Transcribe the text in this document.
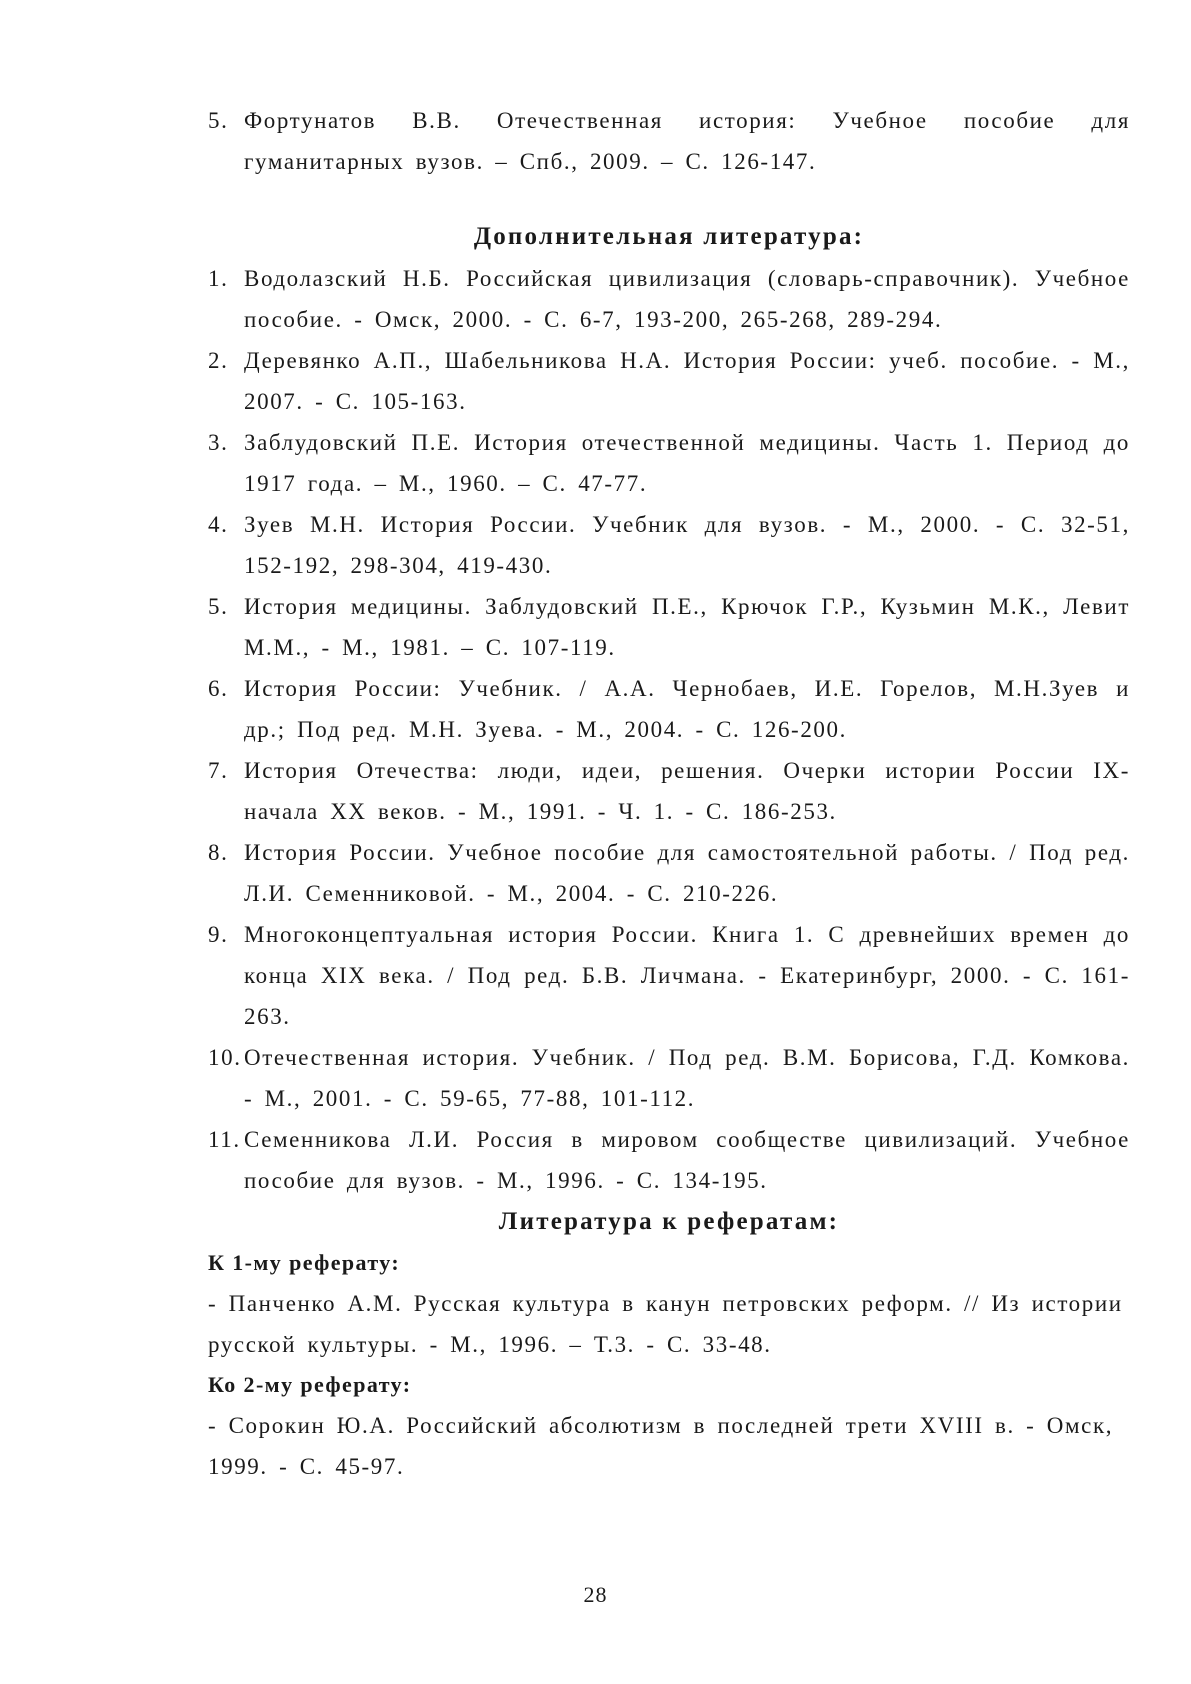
5. Фортунатов В.В. Отечественная история: Учебное пособие для гуманитарных вузов. – Спб., 2009. – С. 126-147.
Дополнительная литература:
1. Водолазский Н.Б. Российская цивилизация (словарь-справочник). Учебное пособие. - Омск, 2000. - С. 6-7, 193-200, 265-268, 289-294.
2. Деревянко А.П., Шабельникова Н.А. История России: учеб. пособие. - М., 2007. - С. 105-163.
3. Заблудовский П.Е. История отечественной медицины. Часть 1. Период до 1917 года. – М., 1960. – С. 47-77.
4. Зуев М.Н. История России. Учебник для вузов. - М., 2000. - С. 32-51, 152-192, 298-304, 419-430.
5. История медицины. Заблудовский П.Е., Крючок Г.Р., Кузьмин М.К., Левит М.М., - М., 1981. – С. 107-119.
6. История России: Учебник. / А.А. Чернобаев, И.Е. Горелов, М.Н.Зуев и др.; Под ред. М.Н. Зуева. - М., 2004. - С. 126-200.
7. История Отечества: люди, идеи, решения. Очерки истории России IX-начала XX веков. - М., 1991. - Ч. 1. - С. 186-253.
8. История России. Учебное пособие для самостоятельной работы. / Под ред. Л.И. Семенниковой. - М., 2004. - С. 210-226.
9. Многоконцептуальная история России. Книга 1. С древнейших времен до конца XIX века. / Под ред. Б.В. Личмана. - Екатеринбург, 2000. - С. 161-263.
10. Отечественная история. Учебник. / Под ред. В.М. Борисова, Г.Д. Комкова. - М., 2001. - С. 59-65, 77-88, 101-112.
11. Семенникова Л.И. Россия в мировом сообществе цивилизаций. Учебное пособие для вузов. - М., 1996. - С. 134-195.
Литература к рефератам:

К 1-му реферату:

- Панченко А.М. Русская культура в канун петровских реформ. // Из истории русской культуры. - М., 1996. – Т.3. - С. 33-48.

Ко 2-му реферату:

- Сорокин Ю.А. Российский абсолютизм в последней трети XVIII в. - Омск, 1999. - С. 45-97.

28
